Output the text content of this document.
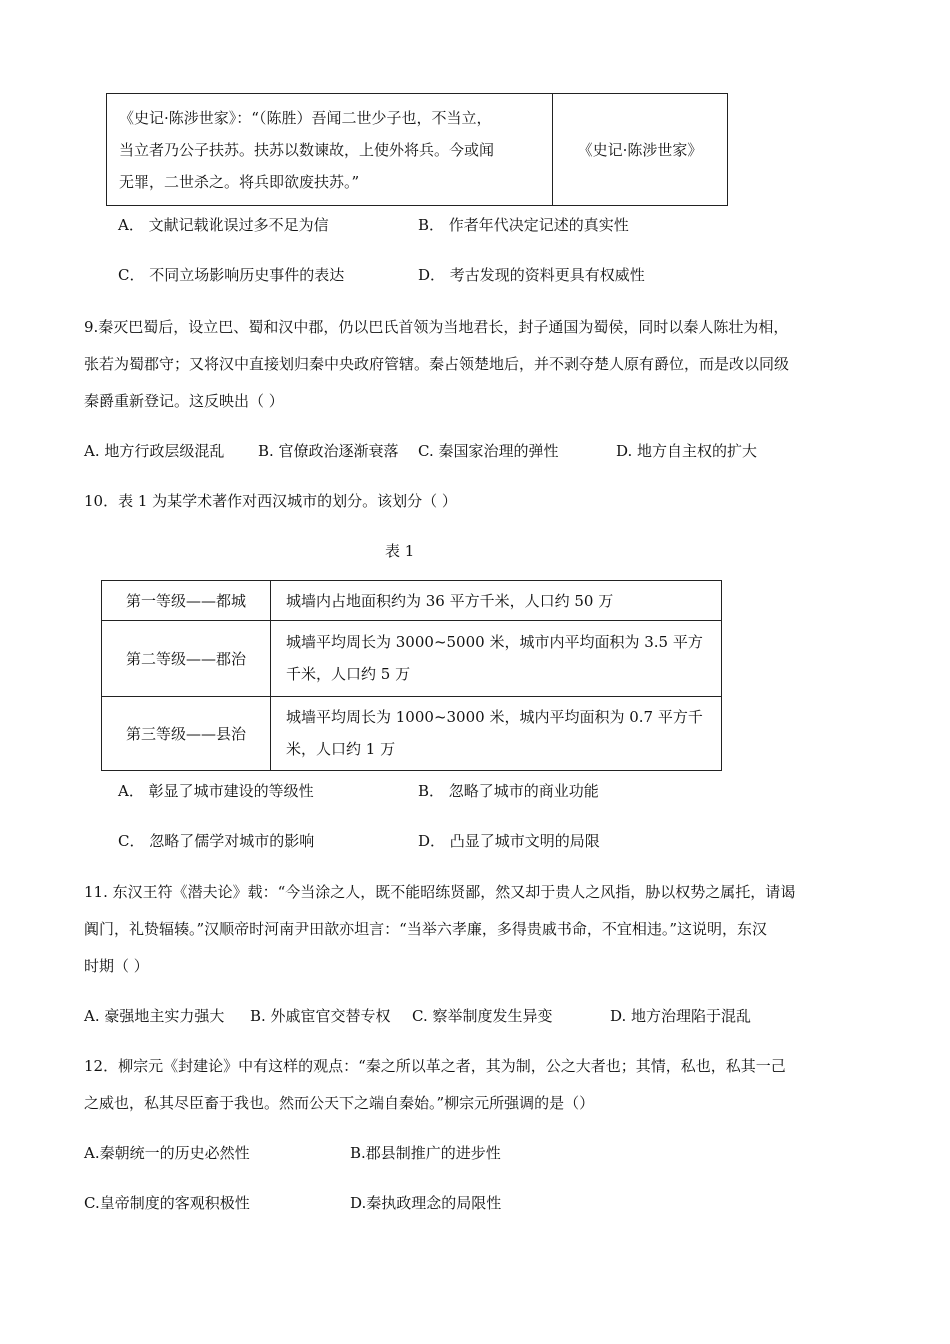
《史记·陈涉世家》：“（陈胜）吾闻二世少子也，不当立，
当立者乃公子扶苏。扶苏以数谏故，上使外将兵。今或闻
无罪，二世杀之。将兵即欲废扶苏。”
	《史记·陈涉世家》
A． 文献记载讹误过多不足为信	B． 作者年代决定记述的真实性
C． 不同立场影响历史事件的表达	D． 考古发现的资料更具有权威性
9.秦灭巴蜀后，设立巴、蜀和汉中郡，仍以巴氏首领为当地君长，封子通国为蜀侯，同时以秦人陈壮为相，
张若为蜀郡守；又将汉中直接划归秦中央政府管辖。秦占领楚地后，并不剥夺楚人原有爵位，而是改以同级
秦爵重新登记。这反映出（ ）
A. 地方行政层级混乱 B. 官僚政治逐渐衰落 C. 秦国家治理的弹性	D. 地方自主权的扩大
10．表 1 为某学术著作对西汉城市的划分。该划分（ ）
表 1
第一等级——都城	城墙内占地面积约为 36 平方千米，人口约 50 万

第二等级——郡治	城墙平均周长为 3000~5000 米，城市内平均面积为 3.5 平方
千米，人口约 5 万

第三等级——县治	城墙平均周长为 1000~3000 米，城内平均面积为 0.7 平方千
米，人口约 1 万
A． 彰显了城市建设的等级性	B． 忽略了城市的商业功能
C． 忽略了儒学对城市的影响	D． 凸显了城市文明的局限
11. 东汉王符《潜夫论》载：“今当涂之人，既不能昭练贤鄙，然又却于贵人之风指，胁以权势之属托，请谒
阗门，礼贽辐辏。”汉顺帝时河南尹田歆亦坦言：“当举六孝廉，多得贵戚书命，不宜相违。”这说明，东汉
时期（ ）
A. 豪强地主实力强大 B. 外戚宦官交替专权 C. 察举制度发生异变	D. 地方治理陷于混乱
12．柳宗元《封建论》中有这样的观点：“秦之所以革之者，其为制，公之大者也；其情，私也，私其一己
之威也，私其尽臣畜于我也。然而公天下之端自秦始。”柳宗元所强调的是（）
A.秦朝统一的历史必然性	B.郡县制推广的进步性
C.皇帝制度的客观积极性	D.秦执政理念的局限性
